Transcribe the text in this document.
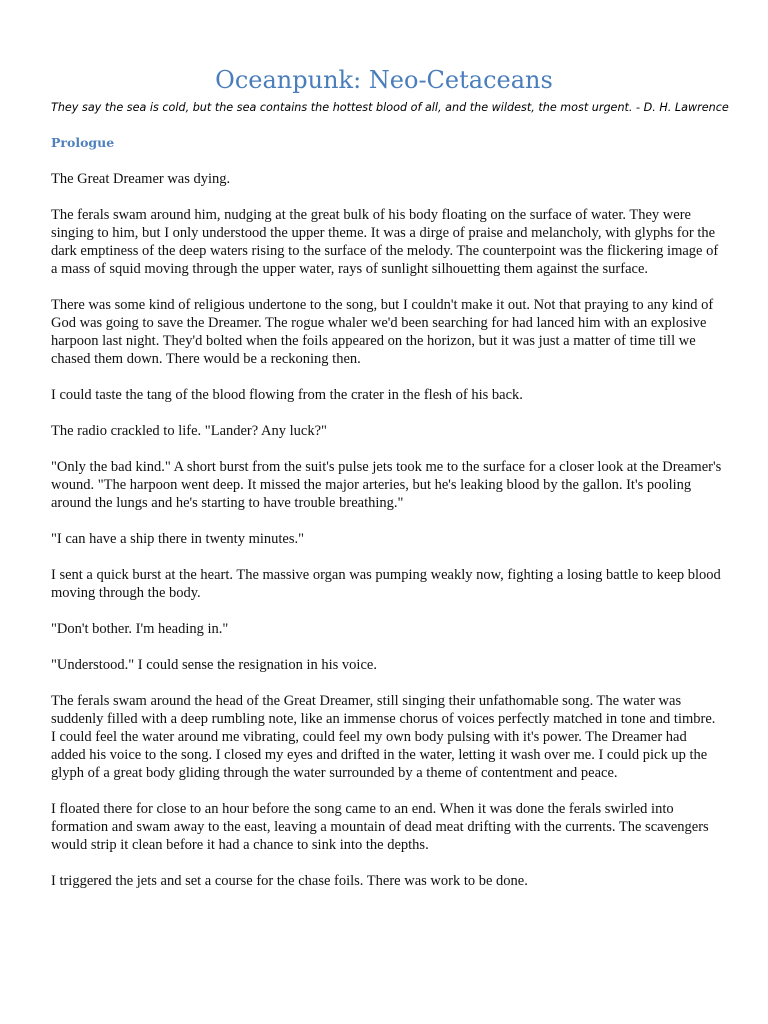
Oceanpunk: Neo-Cetaceans

They say the sea is cold, but the sea contains the hottest blood of all, and the wildest, the most urgent. - D. H. Lawrence

Prologue

The Great Dreamer was dying.

The ferals swam around him, nudging at the great bulk of his body floating on the surface of water. They were singing to him, but I only understood the upper theme. It was a dirge of praise and melancholy, with glyphs for the dark emptiness of the deep waters rising to the surface of the melody. The counterpoint was the flickering image of a mass of squid moving through the upper water, rays of sunlight silhouetting them against the surface.

There was some kind of religious undertone to the song, but I couldn't make it out. Not that praying to any kind of God was going to save the Dreamer. The rogue whaler we'd been searching for had lanced him with an explosive harpoon last night. They'd bolted when the foils appeared on the horizon, but it was just a matter of time till we chased them down. There would be a reckoning then.

I could taste the tang of the blood flowing from the crater in the flesh of his back.

The radio crackled to life. "Lander? Any luck?"

"Only the bad kind." A short burst from the suit's pulse jets took me to the surface for a closer look at the Dreamer's wound. "The harpoon went deep. It missed the major arteries, but he's leaking blood by the gallon. It's pooling around the lungs and he's starting to have trouble breathing."

"I can have a ship there in twenty minutes."

I sent a quick burst at the heart. The massive organ was pumping weakly now, fighting a losing battle to keep blood moving through the body.

"Don't bother. I'm heading in."

"Understood." I could sense the resignation in his voice.

The ferals swam around the head of the Great Dreamer, still singing their unfathomable song. The water was suddenly filled with a deep rumbling note, like an immense chorus of voices perfectly matched in tone and timbre. I could feel the water around me vibrating, could feel my own body pulsing with it's power. The Dreamer had added his voice to the song. I closed my eyes and drifted in the water, letting it wash over me. I could pick up the glyph of a great body gliding through the water surrounded by a theme of contentment and peace.

I floated there for close to an hour before the song came to an end. When it was done the ferals swirled into formation and swam away to the east, leaving a mountain of dead meat drifting with the currents. The scavengers would strip it clean before it had a chance to sink into the depths.

I triggered the jets and set a course for the chase foils. There was work to be done.
